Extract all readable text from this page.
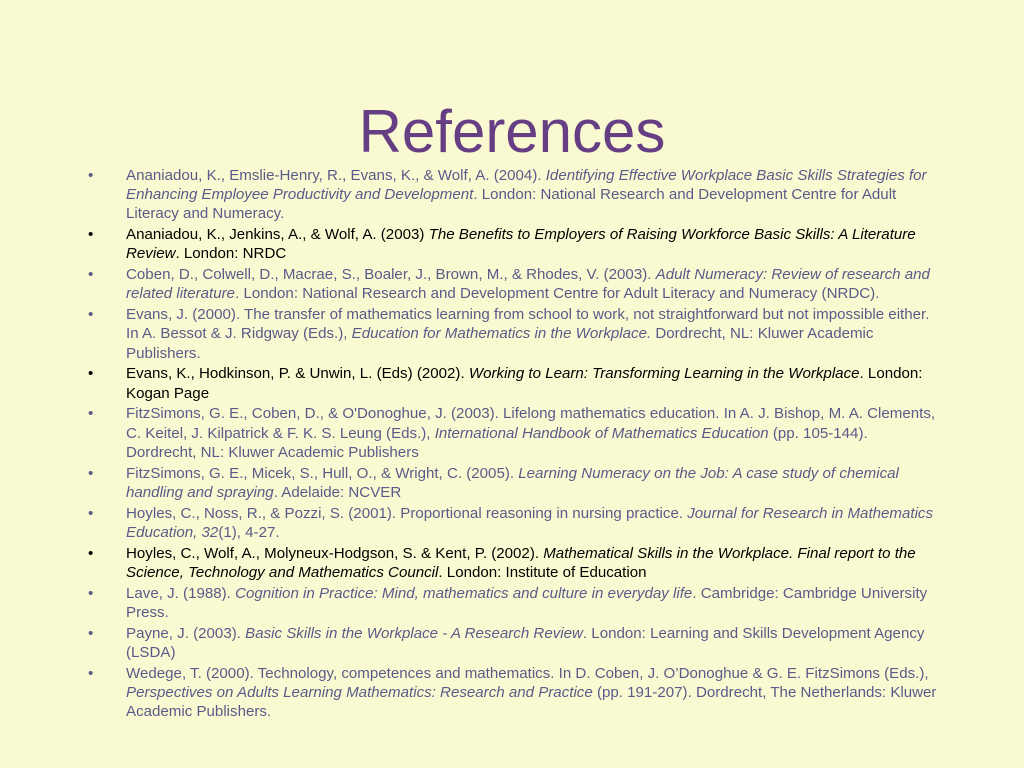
References
• Ananiadou, K., Emslie-Henry, R., Evans, K., & Wolf, A. (2004). Identifying Effective Workplace Basic Skills Strategies for Enhancing Employee Productivity and Development. London: National Research and Development Centre for Adult Literacy and Numeracy.
• Ananiadou, K., Jenkins, A., & Wolf, A. (2003) The Benefits to Employers of Raising Workforce Basic Skills: A Literature Review. London: NRDC
• Coben, D., Colwell, D., Macrae, S., Boaler, J., Brown, M., & Rhodes, V. (2003). Adult Numeracy: Review of research and related literature. London: National Research and Development Centre for Adult Literacy and Numeracy (NRDC).
• Evans, J. (2000). The transfer of mathematics learning from school to work, not straightforward but not impossible either. In A. Bessot & J. Ridgway (Eds.), Education for Mathematics in the Workplace. Dordrecht, NL: Kluwer Academic Publishers.
• Evans, K., Hodkinson, P. & Unwin, L. (Eds) (2002). Working to Learn: Transforming Learning in the Workplace. London: Kogan Page
• FitzSimons, G. E., Coben, D., & O'Donoghue, J. (2003). Lifelong mathematics education. In A. J. Bishop, M. A. Clements, C. Keitel, J. Kilpatrick & F. K. S. Leung (Eds.), International Handbook of Mathematics Education (pp. 105-144). Dordrecht, NL: Kluwer Academic Publishers
• FitzSimons, G. E., Micek, S., Hull, O., & Wright, C. (2005). Learning Numeracy on the Job: A case study of chemical handling and spraying. Adelaide: NCVER
• Hoyles, C., Noss, R., & Pozzi, S. (2001). Proportional reasoning in nursing practice. Journal for Research in Mathematics Education, 32(1), 4-27.
• Hoyles, C., Wolf, A., Molyneux-Hodgson, S. & Kent, P. (2002). Mathematical Skills in the Workplace. Final report to the Science, Technology and Mathematics Council. London: Institute of Education
• Lave, J. (1988). Cognition in Practice: Mind, mathematics and culture in everyday life. Cambridge: Cambridge University Press.
• Payne, J. (2003). Basic Skills in the Workplace - A Research Review. London: Learning and Skills Development Agency (LSDA)
• Wedege, T. (2000). Technology, competences and mathematics. In D. Coben, J. O’Donoghue & G. E. FitzSimons (Eds.), Perspectives on Adults Learning Mathematics: Research and Practice (pp. 191-207). Dordrecht, The Netherlands: Kluwer Academic Publishers.
